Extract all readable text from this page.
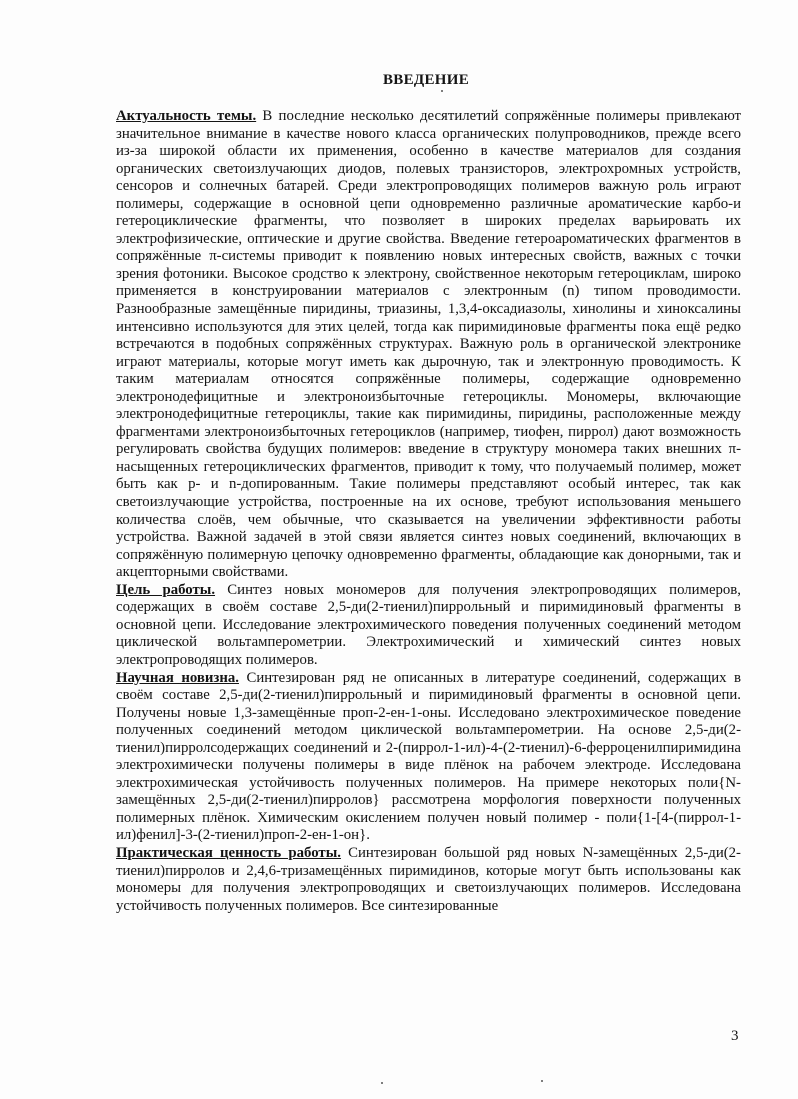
ВВЕДЕНИЕ

Актуальность темы. В последние несколько десятилетий сопряжённые полимеры привлекают значительное внимание в качестве нового класса органических полупроводников, прежде всего из-за широкой области их применения, особенно в качестве материалов для создания органических светоизлучающих диодов, полевых транзисторов, электрохромных устройств, сенсоров и солнечных батарей. Среди электропроводящих полимеров важную роль играют полимеры, содержащие в основной цепи одновременно различные ароматические карбо-и гетероциклические фрагменты, что позволяет в широких пределах варьировать их электрофизические, оптические и другие свойства. Введение гетероароматических фрагментов в сопряжённые π-системы приводит к появлению новых интересных свойств, важных с точки зрения фотоники. Высокое сродство к электрону, свойственное некоторым гетероциклам, широко применяется в конструировании материалов с электронным (n) типом проводимости. Разнообразные замещённые пиридины, триазины, 1,3,4-оксадиазолы, хинолины и хиноксалины интенсивно используются для этих целей, тогда как пиримидиновые фрагменты пока ещё редко встречаются в подобных сопряжённых структурах. Важную роль в органической электронике играют материалы, которые могут иметь как дырочную, так и электронную проводимость. К таким материалам относятся сопряжённые полимеры, содержащие одновременно электронодефицитные и электроноизбыточные гетероциклы. Мономеры, включающие электронодефицитные гетероциклы, такие как пиримидины, пиридины, расположенные между фрагментами электроноизбыточных гетероциклов (например, тиофен, пиррол) дают возможность регулировать свойства будущих полимеров: введение в структуру мономера таких внешних π-насыщенных гетероциклических фрагментов, приводит к тому, что получаемый полимер, может быть как p- и n-допированным. Такие полимеры представляют особый интерес, так как светоизлучающие устройства, построенные на их основе, требуют использования меньшего количества слоёв, чем обычные, что сказывается на увеличении эффективности работы устройства. Важной задачей в этой связи является синтез новых соединений, включающих в сопряжённую полимерную цепочку одновременно фрагменты, обладающие как донорными, так и акцепторными свойствами.

Цель работы. Синтез новых мономеров для получения электропроводящих полимеров, содержащих в своём составе 2,5-ди(2-тиенил)пиррольный и пиримидиновый фрагменты в основной цепи. Исследование электрохимического поведения полученных соединений методом циклической вольтамперометрии. Электрохимический и химический синтез новых электропроводящих полимеров.

Научная новизна. Синтезирован ряд не описанных в литературе соединений, содержащих в своём составе 2,5-ди(2-тиенил)пиррольный и пиримидиновый фрагменты в основной цепи. Получены новые 1,3-замещённые проп-2-ен-1-оны. Исследовано электрохимическое поведение полученных соединений методом циклической вольтамперометрии. На основе 2,5-ди(2-тиенил)пирролсодержащих соединений и 2-(пиррол-1-ил)-4-(2-тиенил)-6-ферроценилпиримидина электрохимически получены полимеры в виде плёнок на рабочем электроде. Исследована электрохимическая устойчивость полученных полимеров. На примере некоторых поли{N-замещённых 2,5-ди(2-тиенил)пирролов} рассмотрена морфология поверхности полученных полимерных плёнок. Химическим окислением получен новый полимер - поли{1-[4-(пиррол-1-ил)фенил]-3-(2-тиенил)проп-2-ен-1-он}.

Практическая ценность работы. Синтезирован большой ряд новых N-замещённых 2,5-ди(2-тиенил)пирролов и 2,4,6-тризамещённых пиримидинов, которые могут быть использованы как мономеры для получения электропроводящих и светоизлучающих полимеров. Исследована устойчивость полученных полимеров. Все синтезированные

3
